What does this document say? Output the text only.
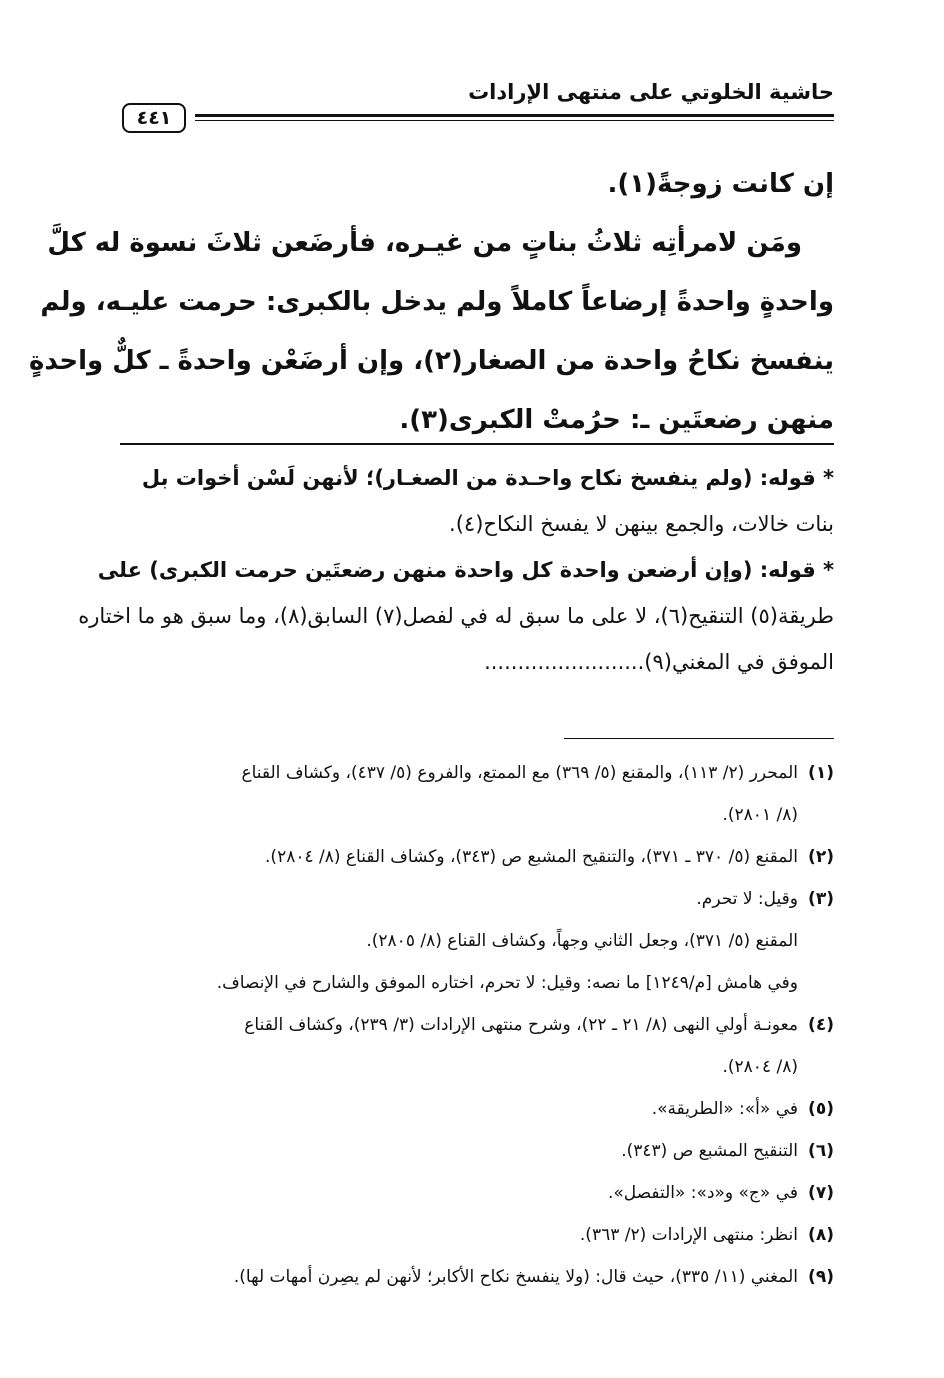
حاشية الخلوتي على منتهى الإرادات
٤٤١
إن كانت زوجةً(١).
ومَن لامرأتِه ثلاثُ بناتٍ من غيـره، فأرضَعن ثلاثَ نسوة له كلَّ
واحدةٍ واحدةً إرضاعاً كاملاً ولم يدخل بالكبرى: حرمت عليـه، ولم
ينفسخ نكاحُ واحدة من الصغار(٢)، وإن أرضَعْن واحدةً ـ كلٌّ واحدةٍ
منهن رضعتَين ـ: حرُمتْ الكبرى(٣).
* قوله: (ولم ينفسخ نكاح واحـدة من الصغـار)؛ لأنهن لَسْن أخوات بل
بنات خالات، والجمع بينهن لا يفسخ النكاح(٤).
* قوله: (وإن أرضعن واحدة كل واحدة منهن رضعتَين حرمت الكبرى) على
طريقة(٥) التنقيح(٦)، لا على ما سبق له في لفصل(٧) السابق(٨)، وما سبق هو ما اختاره
الموفق في المغني(٩)........................
(١)المحرر (٢/ ١١٣)، والمقنع (٥/ ٣٦٩) مع الممتع، والفروع (٥/ ٤٣٧)، وكشاف القناع
(٨/ ٢٨٠١).
(٢)المقنع (٥/ ٣٧٠ ـ ٣٧١)، والتنقيح المشبع ص (٣٤٣)، وكشاف القناع (٨/ ٢٨٠٤).
(٣)وقيل: لا تحرم.
المقنع (٥/ ٣٧١)، وجعل الثاني وجهاً، وكشاف القناع (٨/ ٢٨٠٥).
وفي هامش [م/١٢٤٩] ما نصه: وقيل: لا تحرم، اختاره الموفق والشارح في الإنصاف.
(٤)معونـة أولي النهى (٨/ ٢١ ـ ٢٢)، وشرح منتهى الإرادات (٣/ ٢٣٩)، وكشاف القناع
(٨/ ٢٨٠٤).
(٥)في «أ»: «الطريقة».
(٦)التنقيح المشبع ص (٣٤٣).
(٧)في «ج» و«د»: «التفصل».
(٨)انظر: منتهى الإرادات (٢/ ٣٦٣).
(٩)المغني (١١/ ٣٣٥)، حيث قال: (ولا ينفسخ نكاح الأكابر؛ لأنهن لم يصِرن أمهات لها).
